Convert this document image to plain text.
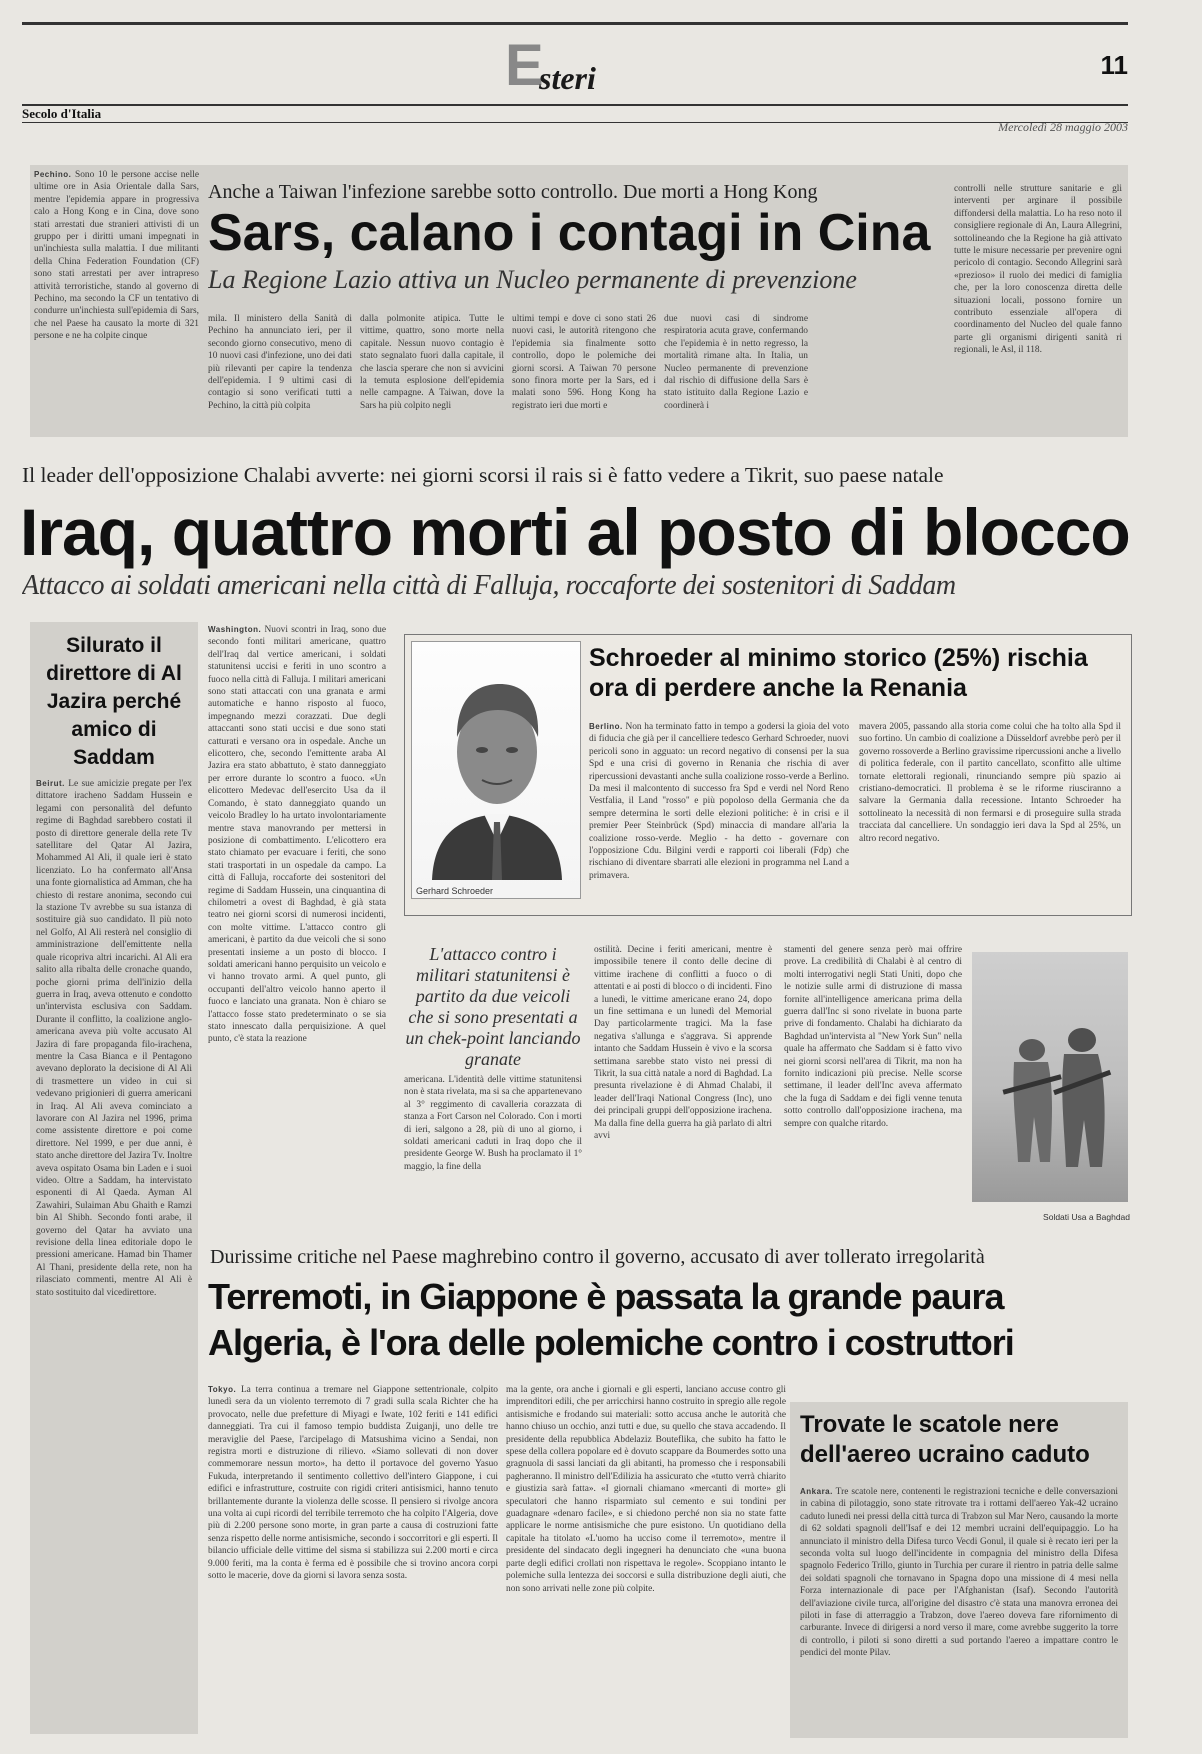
E
steri	11
Secolo d'Italia
Mercoledì 28 maggio 2003
Pechino. Sono 10 le persone accise nelle ultime ore in Asia Orientale dalla Sars, mentre l'epidemia appare in progressiva calo a Hong Kong e in Cina, dove sono stati arrestati due stranieri attivisti di un gruppo per i diritti umani impegnati in un'inchiesta sulla malattia. I due militanti della China Federation Foundation (CF) sono stati arrestati per aver intrapreso attività terroristiche, stando al governo di Pechino, ma secondo la CF un tentativo di condurre un'inchiesta sull'epidemia di Sars, che nel Paese ha causato la morte di 321 persone e ne ha colpite cinque
Anche a Taiwan l'infezione sarebbe sotto controllo. Due morti a Hong Kong
Sars, calano i contagi in Cina
La Regione Lazio attiva un Nucleo permanente di prevenzione
mila. Il ministero della Sanità di Pechino ha annunciato ieri, per il secondo giorno consecutivo, meno di 10 nuovi casi d'infezione, uno dei dati più rilevanti per capire la tendenza dell'epidemia. I 9 ultimi casi di contagio si sono verificati tutti a Pechino, la città più colpita
dalla polmonite atipica. Tutte le vittime, quattro, sono morte nella capitale. Nessun nuovo contagio è stato segnalato fuori dalla capitale, il che lascia sperare che non si avvicini la temuta esplosione dell'epidemia nelle campagne. A Taiwan, dove la Sars ha più colpito negli
ultimi tempi e dove ci sono stati 26 nuovi casi, le autorità ritengono che l'epidemia sia finalmente sotto controllo, dopo le polemiche dei giorni scorsi. A Taiwan 70 persone sono finora morte per la Sars, ed i malati sono 596. Hong Kong ha registrato ieri due morti e
due nuovi casi di sindrome respiratoria acuta grave, confermando che l'epidemia è in netto regresso, la mortalità rimane alta. In Italia, un Nucleo permanente di prevenzione dal rischio di diffusione della Sars è stato istituito dalla Regione Lazio e coordinerà i
controlli nelle strutture sanitarie e gli interventi per arginare il possibile diffondersi della malattia. Lo ha reso noto il consigliere regionale di An, Laura Allegrini, sottolineando che la Regione ha già attivato tutte le misure necessarie per prevenire ogni pericolo di contagio. Secondo Allegrini sarà «prezioso» il ruolo dei medici di famiglia che, per la loro conoscenza diretta delle situazioni locali, possono fornire un contributo essenziale all'opera di coordinamento del Nucleo del quale fanno parte gli organismi dirigenti sanità ri regionali, le Asl, il 118.
Il leader dell'opposizione Chalabi avverte: nei giorni scorsi il rais si è fatto vedere a Tikrit, suo paese natale
Iraq, quattro morti al posto di blocco
Attacco ai soldati americani nella città di Falluja, roccaforte dei sostenitori di Saddam
Silurato il direttore di Al Jazira perché amico di Saddam
Beirut. Le sue amicizie pregate per l'ex dittatore iracheno Saddam Hussein e legami con personalità del defunto regime di Baghdad sarebbero costati il posto di direttore generale della rete Tv satellitare del Qatar Al Jazira, Mohammed Al Ali, il quale ieri è stato licenziato. Lo ha confermato all'Ansa una fonte giornalistica ad Amman, che ha chiesto di restare anonima, secondo cui la stazione Tv avrebbe su sua istanza di sostituire già suo candidato. Il più noto nel Golfo, Al Ali resterà nel consiglio di amministrazione dell'emittente nella quale ricopriva altri incarichi. Al Ali era salito alla ribalta delle cronache quando, poche giorni prima dell'inizio della guerra in Iraq, aveva ottenuto e condotto un'intervista esclusiva con Saddam. Durante il conflitto, la coalizione anglo-americana aveva più volte accusato Al Jazira di fare propaganda filo-irachena, mentre la Casa Bianca e il Pentagono avevano deplorato la decisione di Al Ali di trasmettere un video in cui si vedevano prigionieri di guerra americani in Iraq. Al Ali aveva cominciato a lavorare con Al Jazira nel 1996, prima come assistente direttore e poi come direttore. Nel 1999, e per due anni, è stato anche direttore del Jazira Tv. Inoltre aveva ospitato Osama bin Laden e i suoi video. Oltre a Saddam, ha intervistato esponenti di Al Qaeda. Ayman Al Zawahiri, Sulaiman Abu Ghaith e Ramzi bin Al Shibh. Secondo fonti arabe, il governo del Qatar ha avviato una revisione della linea editoriale dopo le pressioni americane. Hamad bin Thamer Al Thani, presidente della rete, non ha rilasciato commenti, mentre Al Ali è stato sostituito dal vicedirettore.
Washington. Nuovi scontri in Iraq, sono due secondo fonti militari americane, quattro dell'Iraq dal vertice americani, i soldati statunitensi uccisi e feriti in uno scontro a fuoco nella città di Falluja. I militari americani sono stati attaccati con una granata e armi automatiche e hanno risposto al fuoco, impegnando mezzi corazzati. Due degli attaccanti sono stati uccisi e due sono stati catturati e versano ora in ospedale. Anche un elicottero, che, secondo l'emittente araba Al Jazira era stato abbattuto, è stato danneggiato per errore durante lo scontro a fuoco. «Un elicottero Medevac dell'esercito Usa da il Comando, è stato danneggiato quando un veicolo Bradley lo ha urtato involontariamente mentre stava manovrando per mettersi in posizione di combattimento. L'elicottero era stato chiamato per evacuare i feriti, che sono stati trasportati in un ospedale da campo. La città di Falluja, roccaforte dei sostenitori del regime di Saddam Hussein, una cinquantina di chilometri a ovest di Baghdad, è già stata teatro nei giorni scorsi di numerosi incidenti, con molte vittime. L'attacco contro gli americani, è partito da due veicoli che si sono presentati insieme a un posto di blocco. I soldati americani hanno perquisito un veicolo e vi hanno trovato armi. A quel punto, gli occupanti dell'altro veicolo hanno aperto il fuoco e lanciato una granata. Non è chiaro se l'attacco fosse stato predeterminato o se sia stato innescato dalla perquisizione. A quel punto, c'è stata la reazione
Gerhard Schroeder
Schroeder al minimo storico (25%) rischia ora di perdere anche la Renania
Berlino. Non ha terminato fatto in tempo a godersi la gioia del voto di fiducia che già per il cancelliere tedesco Gerhard Schroeder, nuovi pericoli sono in agguato: un record negativo di consensi per la sua Spd e una crisi di governo in Renania che rischia di aver ripercussioni devastanti anche sulla coalizione rosso-verde a Berlino. Da mesi il malcontento di successo fra Spd e verdi nel Nord Reno Vestfalia, il Land "rosso" e più popoloso della Germania che da sempre determina le sorti delle elezioni politiche: è in crisi e il premier Peer Steinbrück (Spd) minaccia di mandare all'aria la coalizione rosso-verde. Meglio - ha detto - governare con l'opposizione Cdu. Bilgini verdi e rapporti coi liberali (Fdp) che rischiano di diventare sbarrati alle elezioni in programma nel Land a primavera.
mavera 2005, passando alla storia come colui che ha tolto alla Spd il suo fortino. Un cambio di coalizione a Düsseldorf avrebbe però per il governo rossoverde a Berlino gravissime ripercussioni anche a livello di politica federale, con il partito cancellato, sconfitto alle ultime tornate elettorali regionali, rinunciando sempre più spazio ai cristiano-democratici. Il problema è se le riforme riusciranno a salvare la Germania dalla recessione. Intanto Schroeder ha sottolineato la necessità di non fermarsi e di proseguire sulla strada tracciata dal cancelliere. Un sondaggio ieri dava la Spd al 25%, un altro record negativo.
L'attacco contro i militari statunitensi è partito da due veicoli che si sono presentati a un chek-point lanciando granate
americana. L'identità delle vittime statunitensi non è stata rivelata, ma si sa che appartenevano al 3° reggimento di cavalleria corazzata di stanza a Fort Carson nel Colorado. Con i morti di ieri, salgono a 28, più di uno al giorno, i soldati americani caduti in Iraq dopo che il presidente George W. Bush ha proclamato il 1° maggio, la fine della
ostilità. Decine i feriti americani, mentre è impossibile tenere il conto delle decine di vittime irachene di conflitti a fuoco o di attentati e ai posti di blocco o di incidenti. Fino a lunedì, le vittime americane erano 24, dopo un fine settimana e un lunedì del Memorial Day particolarmente tragici. Ma la fase negativa s'allunga e s'aggrava. Si apprende intanto che Saddam Hussein è vivo e la scorsa settimana sarebbe stato visto nei pressi di Tikrit, la sua città natale a nord di Baghdad. La presunta rivelazione è di Ahmad Chalabi, il leader dell'Iraqi National Congress (Inc), uno dei principali gruppi dell'opposizione irachena. Ma dalla fine della guerra ha già parlato di altri avvi
stamenti del genere senza però mai offrire prove. La credibilità di Chalabi è al centro di molti interrogativi negli Stati Uniti, dopo che le notizie sulle armi di distruzione di massa fornite all'intelligence americana prima della guerra dall'Inc si sono rivelate in buona parte prive di fondamento. Chalabi ha dichiarato da Baghdad un'intervista al "New York Sun" nella quale ha affermato che Saddam si è fatto vivo nei giorni scorsi nell'area di Tikrit, ma non ha fornito indicazioni più precise. Nelle scorse settimane, il leader dell'Inc aveva affermato che la fuga di Saddam e dei figli venne tenuta sotto controllo dall'opposizione irachena, ma sempre con qualche ritardo.
Soldati Usa a Baghdad
Durissime critiche nel Paese maghrebino contro il governo, accusato di aver tollerato irregolarità
Terremoti, in Giappone è passata la grande paura
Algeria, è l'ora delle polemiche contro i costruttori
Tokyo. La terra continua a tremare nel Giappone settentrionale, colpito lunedì sera da un violento terremoto di 7 gradi sulla scala Richter che ha provocato, nelle due prefetture di Miyagi e Iwate, 102 feriti e 141 edifici danneggiati. Tra cui il famoso tempio buddista Zuiganji, uno delle tre meraviglie del Paese, l'arcipelago di Matsushima vicino a Sendai, non registra morti e distruzione di rilievo. «Siamo sollevati di non dover commemorare nessun morto», ha detto il portavoce del governo Yasuo Fukuda, interpretando il sentimento collettivo dell'intero Giappone, i cui edifici e infrastrutture, costruite con rigidi criteri antisismici, hanno tenuto brillantemente durante la violenza delle scosse. Il pensiero si rivolge ancora una volta ai cupi ricordi del terribile terremoto che ha colpito l'Algeria, dove più di 2.200 persone sono morte, in gran parte a causa di costruzioni fatte senza rispetto delle norme antisismiche, secondo i soccorritori e gli esperti. Il bilancio ufficiale delle vittime del sisma si stabilizza sui 2.200 morti e circa 9.000 feriti, ma la conta è ferma ed è possibile che si trovino ancora corpi sotto le macerie, dove da giorni si lavora senza sosta.
ma la gente, ora anche i giornali e gli esperti, lanciano accuse contro gli imprenditori edili, che per arricchirsi hanno costruito in spregio alle regole antisismiche e frodando sui materiali: sotto accusa anche le autorità che hanno chiuso un occhio, anzi tutti e due, su quello che stava accadendo. Il presidente della repubblica Abdelaziz Bouteflika, che subito ha fatto le spese della collera popolare ed è dovuto scappare da Boumerdes sotto una gragnuola di sassi lanciati da gli abitanti, ha promesso che i responsabili pagheranno. Il ministro dell'Edilizia ha assicurato che «tutto verrà chiarito e giustizia sarà fatta». «I giornali chiamano «mercanti di morte» gli speculatori che hanno risparmiato sul cemento e sui tondini per guadagnare «denaro facile», e si chiedono perché non sia no state fatte applicare le norme antisismiche che pure esistono. Un quotidiano della capitale ha titolato «L'uomo ha ucciso come il terremoto», mentre il presidente del sindacato degli ingegneri ha denunciato che «una buona parte degli edifici crollati non rispettava le regole». Scoppiano intanto le polemiche sulla lentezza dei soccorsi e sulla distribuzione degli aiuti, che non sono arrivati nelle zone più colpite.
Trovate le scatole nere dell'aereo ucraino caduto
Ankara. Tre scatole nere, contenenti le registrazioni tecniche e delle conversazioni in cabina di pilotaggio, sono state ritrovate tra i rottami dell'aereo Yak-42 ucraino caduto lunedì nei pressi della città turca di Trabzon sul Mar Nero, causando la morte di 62 soldati spagnoli dell'Isaf e dei 12 membri ucraini dell'equipaggio. Lo ha annunciato il ministro della Difesa turco Vecdi Gonul, il quale si è recato ieri per la seconda volta sul luogo dell'incidente in compagnia del ministro della Difesa spagnolo Federico Trillo, giunto in Turchia per curare il rientro in patria delle salme dei soldati spagnoli che tornavano in Spagna dopo una missione di 4 mesi nella Forza internazionale di pace per l'Afghanistan (Isaf). Secondo l'autorità dell'aviazione civile turca, all'origine del disastro c'è stata una manovra erronea dei piloti in fase di atterraggio a Trabzon, dove l'aereo doveva fare rifornimento di carburante. Invece di dirigersi a nord verso il mare, come avrebbe suggerito la torre di controllo, i piloti si sono diretti a sud portando l'aereo a impattare contro le pendici del monte Pilav.
